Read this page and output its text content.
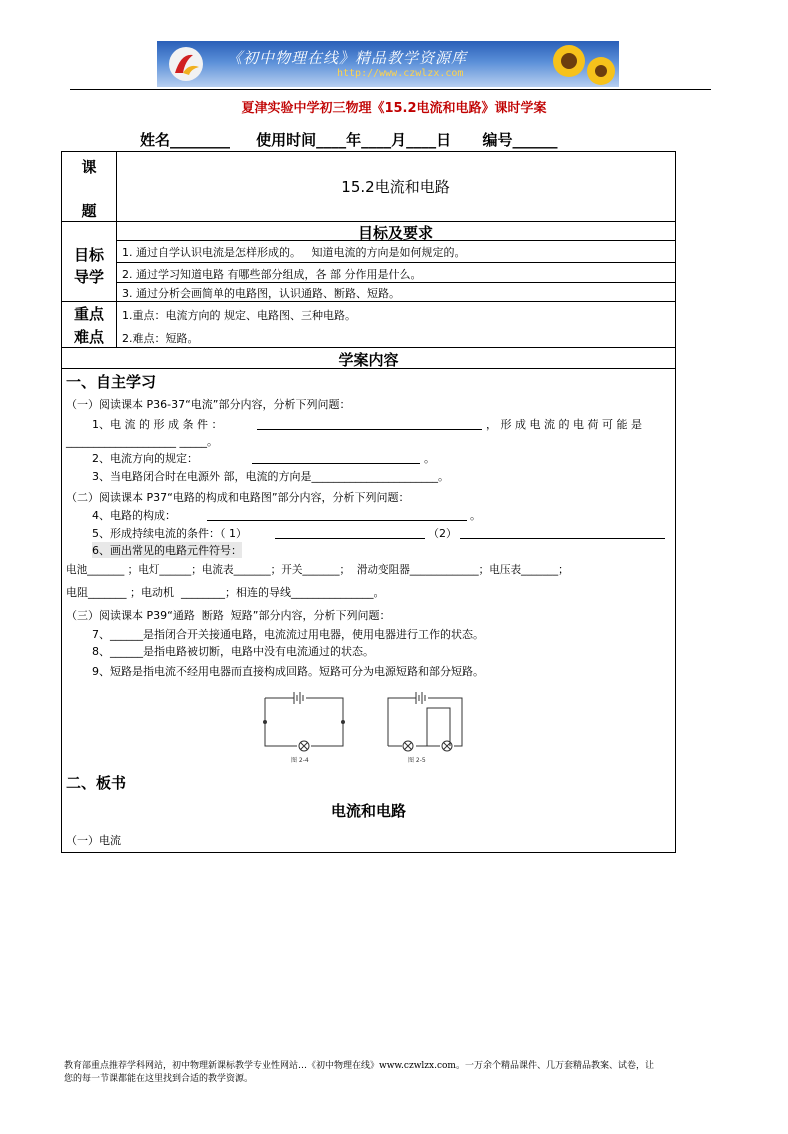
《初中物理在线》精品教学资源库
http://www.czwlzx.com
夏津实验中学初三物理《15.2电流和电路》课时学案
姓名________     使用时间____年____月____日      编号______
课
题
15.2电流和电路
目标及要求
目标
导学
1. 通过自学认识电流是怎样形成的。   知道电流的方向是如何规定的。
2. 通过学习知道电路 有哪些部分组成，各 部 分作用是什么。
3. 通过分析会画简单的电路图，认识通路、断路、短路。
重点
难点
1.重点：电流方向的 规定、电路图、三种电路。
2.难点：短路。
学案内容
一、自主学习
（一）阅读课本 P36-37“电流”部分内容，分析下列问题：
1、电 流 的 形 成 条 件 ：	， 形 成 电 流 的 电 荷 可 能 是
____________________ _____。
2、电流方向的规定：	。
3、当电路闭合时在电源外 部，电流的方向是_______________________。
（二）阅读课本 P37“电路的构成和电路图”部分内容，分析下列问题：
4、电路的构成：	。
5、形成持续电流的条件：（ 1）	（2）
6、画出常见的电路元件符号：
电池_______ ；电灯______；电流表_______；开关_______；  滑动变阻器_____________；电压表_______；
电阻_______ ；电动机  ________；相连的导线_______________。
（三）阅读课本 P39“通路  断路  短路”部分内容，分析下列问题：
7、______是指闭合开关接通电路，电流流过用电器，使用电器进行工作的状态。
8、______是指电路被切断，电路中没有电流通过的状态。
9、短路是指电流不经用电器而直接构成回路。短路可分为电源短路和部分短路。
图 2-4	图 2-5
二、板书
电流和电路
（一）电流
教育部重点推荐学科网站，初中物理新课标教学专业性网站…《初中物理在线》www.czwlzx.com。一万余个精品课件、几万套精品教案、试卷，让
您的每一节课都能在这里找到合适的教学资源。
